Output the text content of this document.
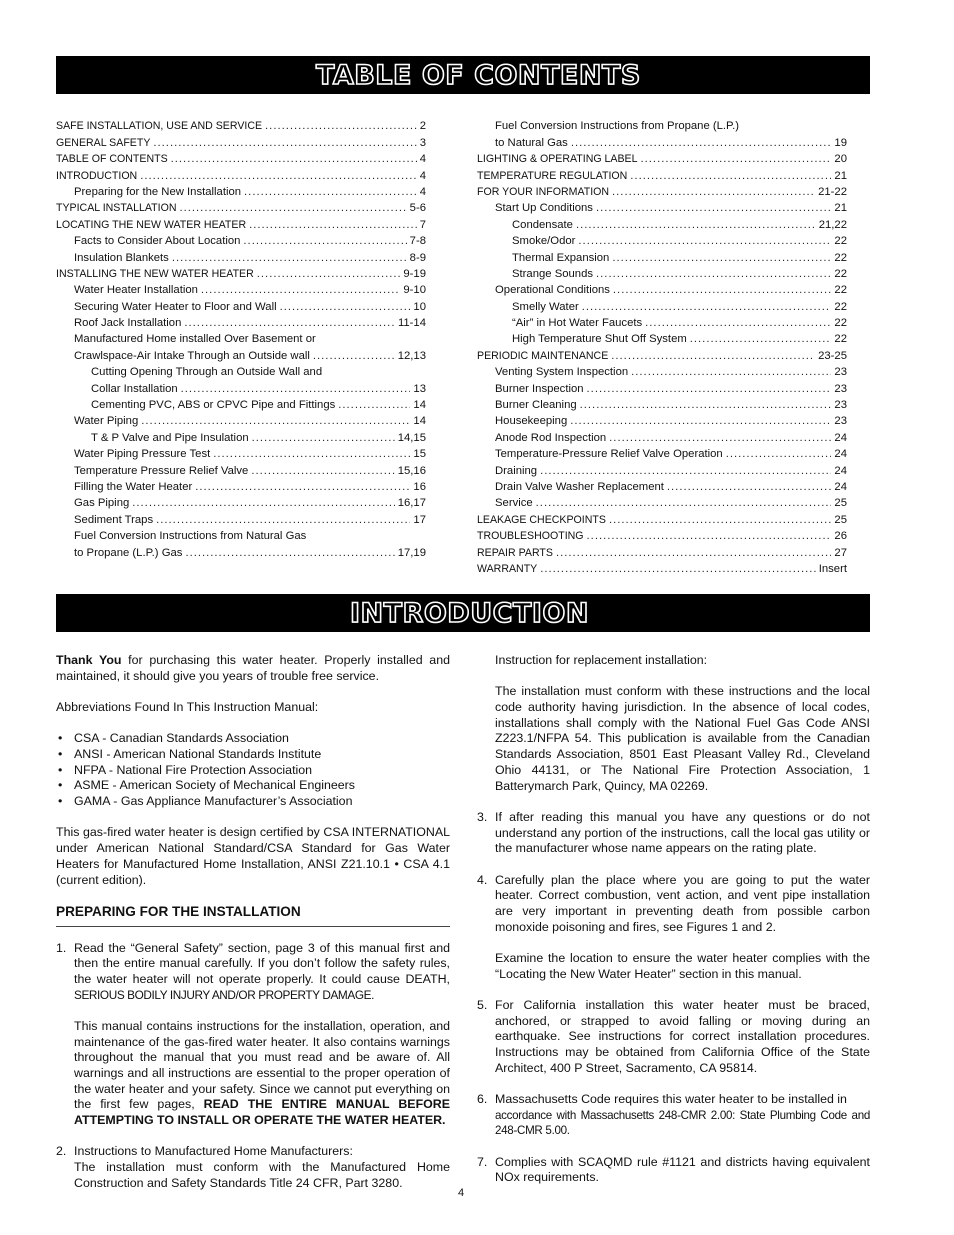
TABLE OF CONTENTS
SAFE INSTALLATION, USE AND SERVICE .....	2
GENERAL SAFETY .....	3
TABLE OF CONTENTS .....	4
INTRODUCTION .....	4
Preparing for the New Installation .....	4
TYPICAL INSTALLATION .....	5-6
LOCATING THE NEW WATER HEATER .....	7
Facts to Consider About Location .....	7-8
Insulation Blankets .....	8-9
INSTALLING THE NEW WATER HEATER .....	9-19
Water Heater Installation .....	9-10
Securing Water Heater to Floor and Wall .....	10
Roof Jack Installation .....	11-14
Manufactured Home installed Over Basement or
Crawlspace-Air Intake Through an Outside wall .....	12,13
Cutting Opening Through an Outside Wall and
Collar Installation .....	13
Cementing PVC, ABS or CPVC Pipe and Fittings .....	14
Water Piping .....	14
T & P Valve and Pipe Insulation .....	14,15
Water Piping Pressure Test .....	15
Temperature Pressure Relief Valve .....	15,16
Filling the Water Heater .....	16
Gas Piping .....	16,17
Sediment Traps .....	17
Fuel Conversion Instructions from Natural Gas
to Propane (L.P.) Gas .....	17,19
Fuel Conversion Instructions from Propane (L.P.)
to Natural Gas .....	19
LIGHTING & OPERATING LABEL .....	20
TEMPERATURE REGULATION .....	21
FOR YOUR INFORMATION .....	21-22
Start Up Conditions .....	21
Condensate .....	21,22
Smoke/Odor .....	22
Thermal Expansion .....	22
Strange Sounds .....	22
Operational Conditions .....	22
Smelly Water .....	22
“Air” in Hot Water Faucets .....	22
High Temperature Shut Off System .....	22
PERIODIC MAINTENANCE .....	23-25
Venting System Inspection .....	23
Burner Inspection .....	23
Burner Cleaning .....	23
Housekeeping .....	23
Anode Rod Inspection .....	24
Temperature-Pressure Relief Valve Operation .....	24
Draining .....	24
Drain Valve Washer Replacement .....	24
Service .....	25
LEAKAGE CHECKPOINTS .....	25
TROUBLESHOOTING .....	26
REPAIR PARTS .....	27
WARRANTY .....	Insert
INTRODUCTION

Thank You for purchasing this water heater. Properly installed and maintained, it should give you years of trouble free service.

Abbreviations Found In This Instruction Manual:

• CSA - Canadian Standards Association
• ANSI - American National Standards Institute
• NFPA - National Fire Protection Association
• ASME - American Society of Mechanical Engineers
• GAMA - Gas Appliance Manufacturer’s Association

This gas-fired water heater is design certified by CSA INTERNATIONAL under American National Standard/CSA Standard for Gas Water Heaters for Manufactured Home Installation, ANSI Z21.10.1 • CSA 4.1 (current edition).

PREPARING FOR THE INSTALLATION
1. Read the “General Safety” section, page 3 of this manual first and then the entire manual carefully. If you don’t follow the safety rules, the water heater will not operate properly. It could cause DEATH, SERIOUS BODILY INJURY AND/OR PROPERTY DAMAGE.
This manual contains instructions for the installation, operation, and maintenance of the gas-fired water heater. It also contains warnings throughout the manual that you must read and be aware of. All warnings and all instructions are essential to the proper operation of the water heater and your safety. Since we cannot put everything on the first few pages, READ THE ENTIRE MANUAL BEFORE ATTEMPTING TO INSTALL OR OPERATE THE WATER HEATER.
2. Instructions to Manufactured Home Manufacturers:
The installation must conform with the Manufactured Home Construction and Safety Standards Title 24 CFR, Part 3280.
Instruction for replacement installation:
The installation must conform with these instructions and the local code authority having jurisdiction. In the absence of local codes, installations shall comply with the National Fuel Gas Code ANSI Z223.1/NFPA 54. This publication is available from the Canadian Standards Association, 8501 East Pleasant Valley Rd., Cleveland Ohio 44131, or The National Fire Protection Association, 1 Batterymarch Park, Quincy, MA 02269.
3. If after reading this manual you have any questions or do not understand any portion of the instructions, call the local gas utility or the manufacturer whose name appears on the rating plate.
4. Carefully plan the place where you are going to put the water heater. Correct combustion, vent action, and vent pipe installation are very important in preventing death from possible carbon monoxide poisoning and fires, see Figures 1 and 2.
Examine the location to ensure the water heater complies with the “Locating the New Water Heater” section in this manual.
5. For California installation this water heater must be braced, anchored, or strapped to avoid falling or moving during an earthquake. See instructions for correct installation procedures. Instructions may be obtained from California Office of the State Architect, 400 P Street, Sacramento, CA 95814.
6. Massachusetts Code requires this water heater to be installed in
accordance with Massachusetts 248-CMR 2.00: State Plumbing Code and 248-CMR 5.00.
7. Complies with SCAQMD rule #1121 and districts having equivalent NOx requirements.
4
